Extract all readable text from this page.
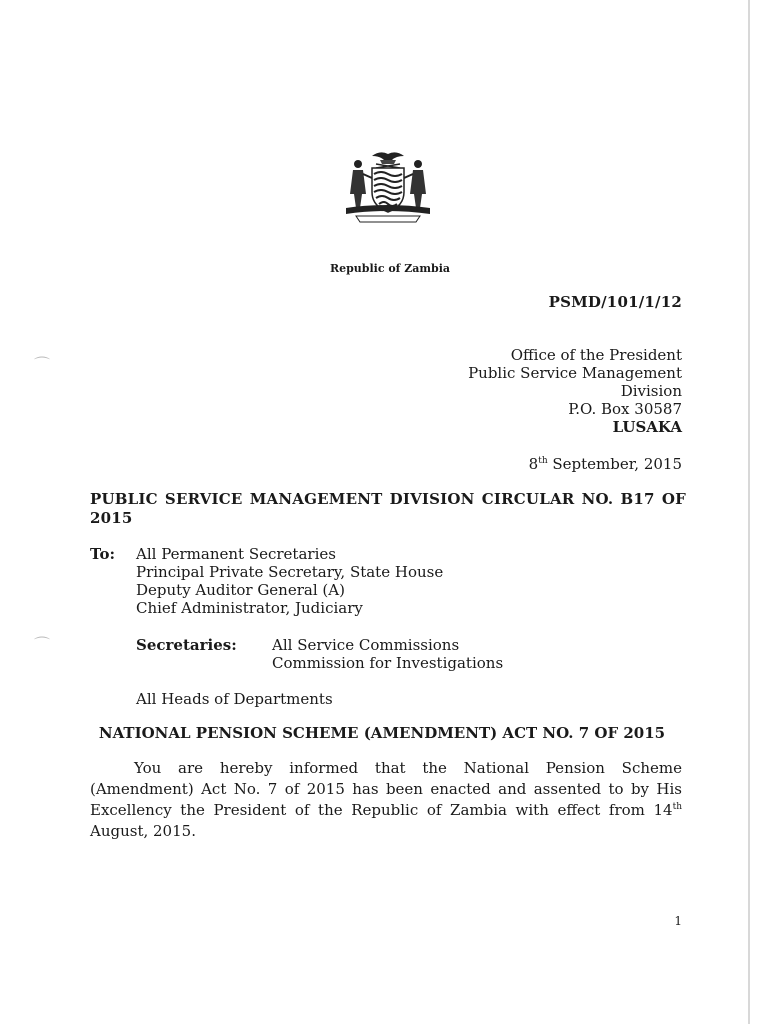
⌒
⌒
Republic of Zambia
PSMD/101/1/12
Office of the President
Public Service Management
Division
P.O. Box 30587
LUSAKA
8th September, 2015
PUBLIC SERVICE MANAGEMENT DIVISION CIRCULAR NO. B17 OF 2015
To: All Permanent Secretaries
Principal Private Secretary, State House
Deputy Auditor General (A)
Chief Administrator, Judiciary
Secretaries: All Service Commissions
Commission for Investigations
All Heads of Departments
NATIONAL PENSION SCHEME (AMENDMENT) ACT NO. 7 OF 2015
You are hereby informed that the National Pension Scheme (Amendment) Act No. 7 of 2015 has been enacted and assented to by His Excellency the President of the Republic of Zambia with effect from 14th August, 2015.
1
